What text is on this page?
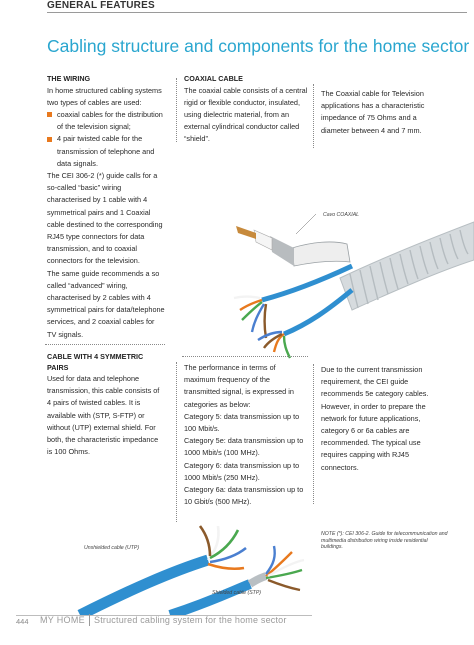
GENERAL FEATURES
Cabling structure and components for the home sector
THE WIRING

In home structured cabling systems two types of cables are used:

coaxial cables for the distribution of the television signal;

4 pair twisted cable for the transmission of telephone and data signals.

The CEI 306-2 (*) guide calls for a so-called “basic” wiring characterised by 1 cable with 4 symmetrical pairs and 1 Coaxial cable destined to the corresponding RJ45 type connectors for data transmission, and to coaxial connectors for the television.

The same guide recommends a so called “advanced” wiring, characterised by 2 cables with 4 symmetrical pairs for data/telephone services, and 2 coaxial cables for TV signals.

COAXIAL CABLE

The coaxial cable consists of a central rigid or flexible conductor, insulated, using dielectric material, from an external cylindrical conductor called “shield”.

The Coaxial cable for Television applications has a characteristic impedance of 75 Ohms and a diameter between 4 and 7 mm.

Cavo COAXIAL
CABLE WITH 4 SYMMETRIC PAIRS

Used for data and telephone transmission, this cable consists of 4 pairs of twisted cables. It is available with (STP, S-FTP) or without (UTP) external shield. For both, the characteristic impedance is 100 Ohms.

The performance in terms of maximum frequency of the transmitted signal, is expressed in categories as below:

Category 5: data transmission up to 100 Mbit/s.

Category 5e: data transmission up to 1000 Mbit/s (100 MHz).

Category 6: data transmission up to 1000 Mbit/s (250 MHz).

Category 6a: data transmission up to 10 Gbit/s (500 MHz).

Due to the current transmission requirement, the CEI guide recommends 5e category cables. However, in order to prepare the network for future applications, category 6 or 6a cables are recommended. The typical use requires capping with RJ45 connectors.

Unshielded cable (UTP)
Shielded cable (STP)
NOTE (*): CEI 306-2. Guide for telecommunication and multimedia distribution wiring inside residential buildings.
444 MY HOME Structured cabling system for the home sector
